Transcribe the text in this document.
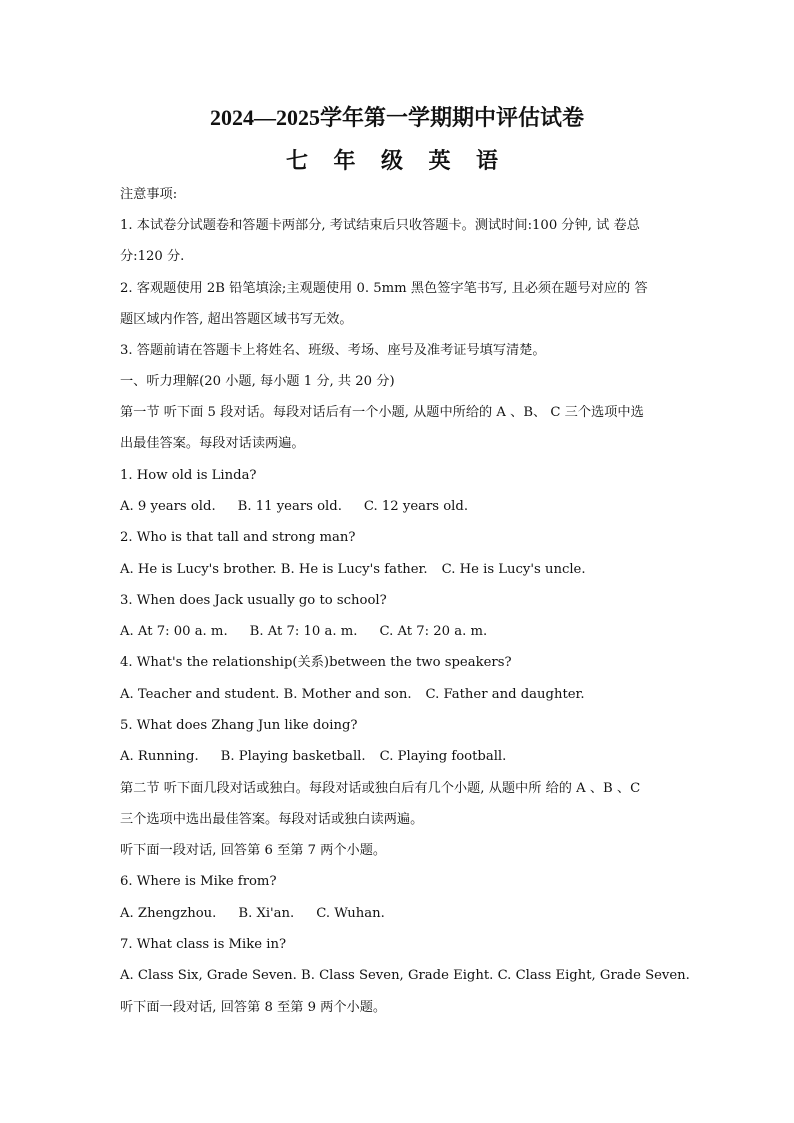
2024—2025学年第一学期期中评估试卷
七 年 级 英 语
注意事项:
1. 本试卷分试题卷和答题卡两部分, 考试结束后只收答题卡。测试时间:100 分钟, 试 卷总
分:120 分.
2. 客观题使用 2B 铅笔填涂;主观题使用 0. 5mm 黑色签字笔书写, 且必须在题号对应的 答
题区域内作答, 超出答题区域书写无效。
3. 答题前请在答题卡上将姓名、班级、考场、座号及准考证号填写清楚。
一、听力理解(20 小题, 每小题 1 分, 共 20 分)
第一节 听下面 5 段对话。每段对话后有一个小题, 从题中所给的 A 、B、 C 三个选项中选
出最佳答案。每段对话读两遍。
1. How old is Linda?
A. 9 years old. B. 11 years old. C. 12 years old.
2. Who is that tall and strong man?
A. He is Lucy's brother. B. He is Lucy's father. C. He is Lucy's uncle.
3. When does Jack usually go to school?
A. At 7: 00 a. m. B. At 7: 10 a. m. C. At 7: 20 a. m.
4. What's the relationship(关系)between the two speakers?
A. Teacher and student. B. Mother and son. C. Father and daughter.
5. What does Zhang Jun like doing?
A. Running. B. Playing basketball. C. Playing football.
第二节 听下面几段对话或独白。每段对话或独白后有几个小题, 从题中所 给的 A 、B 、C
三个选项中选出最佳答案。每段对话或独白读两遍。
听下面一段对话, 回答第 6 至第 7 两个小题。
6. Where is Mike from?
A. Zhengzhou. B. Xi'an. C. Wuhan.
7. What class is Mike in?
A. Class Six, Grade Seven. B. Class Seven, Grade Eight. C. Class Eight, Grade Seven.
听下面一段对话, 回答第 8 至第 9 两个小题。
